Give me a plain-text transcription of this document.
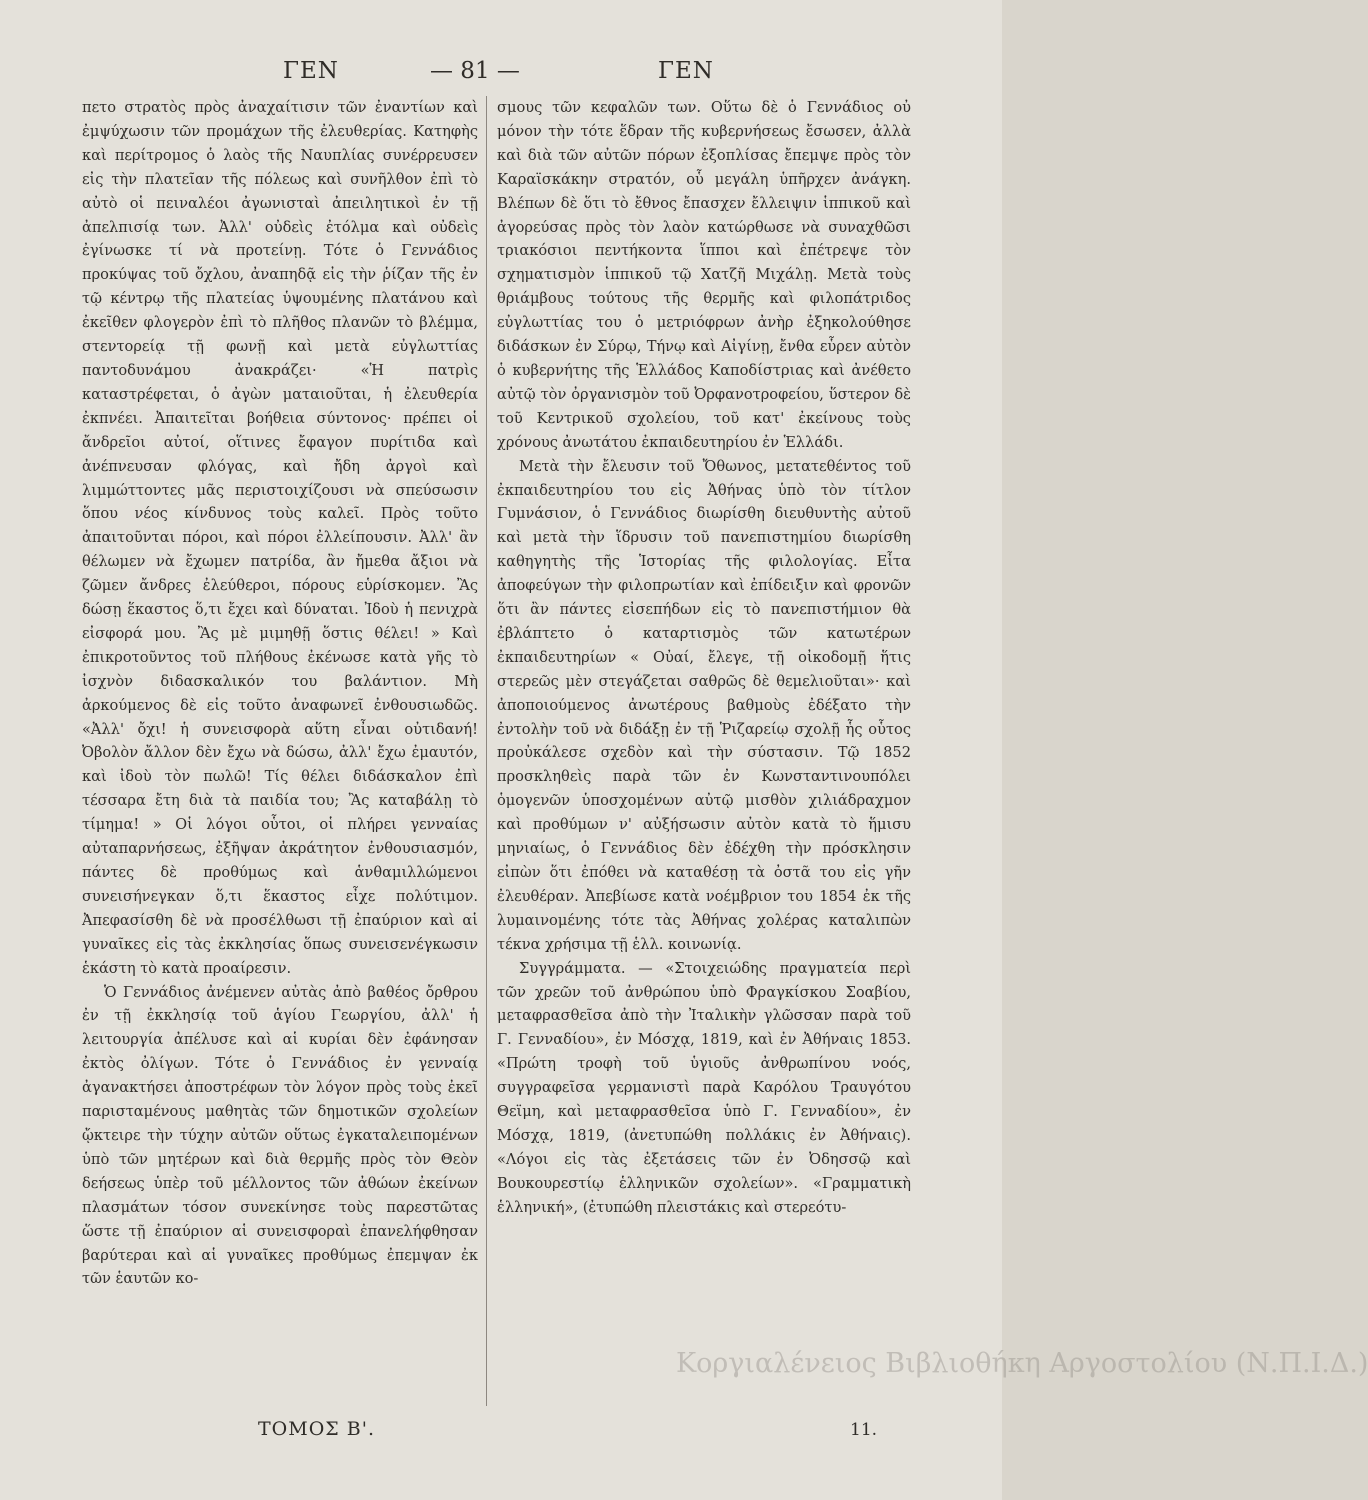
ΓΕΝ	— 81 —	ΓΕΝ

πετο στρατὸς πρὸς ἀναχαίτισιν τῶν ἐναντίων καὶ ἐμψύχωσιν τῶν προμάχων τῆς ἐλευθερίας. Κατηφὴς καὶ περίτρομος ὁ λαὸς τῆς Ναυπλίας συνέρρευσεν εἰς τὴν πλατεῖαν τῆς πόλεως καὶ συνῆλθον ἐπὶ τὸ αὐτὸ οἱ πειναλέοι ἀγωνισταὶ ἀπειλητικοὶ ἐν τῇ ἀπελπισίᾳ των. Ἀλλ' οὐδεὶς ἐτόλμα καὶ οὐδεὶς ἐγίνωσκε τί νὰ προτείνῃ. Τότε ὁ Γεννάδιος προκύψας τοῦ ὄχλου, ἀναπηδᾷ εἰς τὴν ῥίζαν τῆς ἐν τῷ κέντρῳ τῆς πλατείας ὑψουμένης πλατάνου καὶ ἐκεῖθεν φλογερὸν ἐπὶ τὸ πλῆθος πλανῶν τὸ βλέμμα, στεντορείᾳ τῇ φωνῇ καὶ μετὰ εὐγλωττίας παντοδυνάμου ἀνακράζει· «Ἡ πατρὶς καταστρέφεται, ὁ ἀγὼν ματαιοῦται, ἡ ἐλευθερία ἐκπνέει. Ἀπαιτεῖται βοήθεια σύντονος· πρέπει οἱ ἄνδρεῖοι αὐτοί, οἵτινες ἔφαγον πυρίτιδα καὶ ἀνέπνευσαν φλόγας, καὶ ἤδη ἀργοὶ καὶ λιμμώττοντες μᾶς περιστοιχίζουσι νὰ σπεύσωσιν ὅπου νέος κίνδυνος τοὺς καλεῖ. Πρὸς τοῦτο ἀπαιτοῦνται πόροι, καὶ πόροι ἐλλείπουσιν. Ἀλλ' ἂν θέλωμεν νὰ ἔχωμεν πατρίδα, ἂν ἤμεθα ἄξιοι νὰ ζῶμεν ἄνδρες ἐλεύθεροι, πόρους εὑρίσκομεν. Ἂς δώσῃ ἕκαστος ὅ,τι ἔχει καὶ δύναται. Ἰδοὺ ἡ πενιχρὰ εἰσφορά μου. Ἂς μὲ μιμηθῇ ὅστις θέλει! » Καὶ ἐπικροτοῦντος τοῦ πλήθους ἐκένωσε κατὰ γῆς τὸ ἰσχνὸν διδασκαλικόν του βαλάντιον. Μὴ ἀρκούμενος δὲ εἰς τοῦτο ἀναφωνεῖ ἐνθουσιωδῶς. «Ἀλλ' ὄχι! ἡ συνεισφορὰ αὕτη εἶναι οὐτιδανή! Ὀβολὸν ἄλλον δὲν ἔχω νὰ δώσω, ἀλλ' ἔχω ἐμαυτόν, καὶ ἰδοὺ τὸν πωλῶ! Τίς θέλει διδάσκαλον ἐπὶ τέσσαρα ἔτη διὰ τὰ παιδία του; Ἂς καταβάλῃ τὸ τίμημα! » Οἱ λόγοι οὗτοι, οἱ πλήρει γενναίας αὐταπαρνήσεως, ἐξῆψαν ἀκράτητον ἐνθουσιασμόν, πάντες δὲ προθύμως καὶ ἁνθαμιλλώμενοι συνεισήνεγκαν ὅ,τι ἕκαστος εἶχε πολύτιμον. Ἀπεφασίσθη δὲ νὰ προσέλθωσι τῇ ἐπαύριον καὶ αἱ γυναῖκες εἰς τὰς ἐκκλησίας ὅπως συνεισενέγκωσιν ἑκάστη τὸ κατὰ προαίρεσιν.

Ὁ Γεννάδιος ἀνέμενεν αὐτὰς ἀπὸ βαθέος ὄρθρου ἐν τῇ ἐκκλησίᾳ τοῦ ἁγίου Γεωργίου, ἀλλ' ἡ λειτουργία ἀπέλυσε καὶ αἱ κυρίαι δὲν ἐφάνησαν ἐκτὸς ὀλίγων. Τότε ὁ Γεννάδιος ἐν γενναίᾳ ἀγανακτήσει ἀποστρέφων τὸν λόγον πρὸς τοὺς ἐκεῖ παρισταμένους μαθητὰς τῶν δημοτικῶν σχολείων ᾤκτειρε τὴν τύχην αὐτῶν οὕτως ἐγκαταλειπομένων ὑπὸ τῶν μητέρων καὶ διὰ θερμῆς πρὸς τὸν Θεὸν δεήσεως ὑπὲρ τοῦ μέλλοντος τῶν ἀθώων ἐκείνων πλασμάτων τόσον συνεκίνησε τοὺς παρεστῶτας ὥστε τῇ ἐπαύριον αἱ συνεισφοραὶ ἐπανελήφθησαν βαρύτεραι καὶ αἱ γυναῖκες προθύμως ἐπεμψαν ἐκ τῶν ἑαυτῶν κο-

σμους τῶν κεφαλῶν των. Οὕτω δὲ ὁ Γεννάδιος οὐ μόνον τὴν τότε ἕδραν τῆς κυβερνήσεως ἔσωσεν, ἀλλὰ καὶ διὰ τῶν αὐτῶν πόρων ἐξοπλίσας ἔπεμψε πρὸς τὸν Καραϊσκάκην στρατόν, οὗ μεγάλη ὑπῆρχεν ἀνάγκη. Βλέπων δὲ ὅτι τὸ ἔθνος ἔπασχεν ἔλλειψιν ἱππικοῦ καὶ ἀγορεύσας πρὸς τὸν λαὸν κατώρθωσε νὰ συναχθῶσι τριακόσιοι πεντήκοντα ἵπποι καὶ ἐπέτρεψε τὸν σχηματισμὸν ἱππικοῦ τῷ Χατζῆ Μιχάλῃ. Μετὰ τοὺς θριάμβους τούτους τῆς θερμῆς καὶ φιλοπάτριδος εὐγλωττίας του ὁ μετριόφρων ἀνὴρ ἐξηκολούθησε διδάσκων ἐν Σύρῳ, Τήνῳ καὶ Αἰγίνῃ, ἔνθα εὗρεν αὐτὸν ὁ κυβερνήτης τῆς Ἑλλάδος Καποδίστριας καὶ ἀνέθετο αὐτῷ τὸν ὀργανισμὸν τοῦ Ὀρφανοτροφείου, ὕστερον δὲ τοῦ Κεντρικοῦ σχολείου, τοῦ κατ' ἐκείνους τοὺς χρόνους ἀνωτάτου ἐκπαιδευτηρίου ἐν Ἑλλάδι.

Μετὰ τὴν ἔλευσιν τοῦ Ὄθωνος, μετατεθέντος τοῦ ἐκπαιδευτηρίου του εἰς Ἀθήνας ὑπὸ τὸν τίτλον Γυμνάσιον, ὁ Γεννάδιος διωρίσθη διευθυντὴς αὐτοῦ καὶ μετὰ τὴν ἵδρυσιν τοῦ πανεπιστημίου διωρίσθη καθηγητὴς τῆς Ἱστορίας τῆς φιλολογίας. Εἶτα ἀποφεύγων τὴν φιλοπρωτίαν καὶ ἐπίδειξιν καὶ φρονῶν ὅτι ἂν πάντες εἰσεπήδων εἰς τὸ πανεπιστήμιον θὰ ἐβλάπτετο ὁ καταρτισμὸς τῶν κατωτέρων ἐκπαιδευτηρίων « Οὐαί, ἔλεγε, τῇ οἰκοδομῇ ἥτις στερεῶς μὲν στεγάζεται σαθρῶς δὲ θεμελιοῦται»· καὶ ἀποποιούμενος ἀνωτέρους βαθμοὺς ἐδέξατο τὴν ἐντολὴν τοῦ νὰ διδάξῃ ἐν τῇ Ῥιζαρείῳ σχολῇ ἧς οὗτος προὐκάλεσε σχεδὸν καὶ τὴν σύστασιν. Τῷ 1852 προσκληθεὶς παρὰ τῶν ἐν Κωνσταντινουπόλει ὁμογενῶν ὑποσχομένων αὐτῷ μισθὸν χιλιάδραχμον καὶ προθύμων ν' αὐξήσωσιν αὐτὸν κατὰ τὸ ἥμισυ μηνιαίως, ὁ Γεννάδιος δὲν ἐδέχθη τὴν πρόσκλησιν εἰπὼν ὅτι ἐπόθει νὰ καταθέσῃ τὰ ὀστᾶ του εἰς γῆν ἐλευθέραν. Ἀπεβίωσε κατὰ νοέμβριον του 1854 ἐκ τῆς λυμαινομένης τότε τὰς Ἀθήνας χολέρας καταλιπὼν τέκνα χρήσιμα τῇ ἑλλ. κοινωνίᾳ.

Συγγράμματα. — «Στοιχειώδης πραγματεία περὶ τῶν χρεῶν τοῦ ἀνθρώπου ὑπὸ Φραγκίσκου Σοαβίου, μεταφρασθεῖσα ἀπὸ τὴν Ἰταλικὴν γλῶσσαν παρὰ τοῦ Γ. Γενναδίου», ἐν Μόσχᾳ, 1819, καὶ ἐν Ἀθήναις 1853. «Πρώτη τροφὴ τοῦ ὑγιοῦς ἀνθρωπίνου νοός, συγγραφεῖσα γερμανιστὶ παρὰ Καρόλου Τραυγότου Θεϊμη, καὶ μεταφρασθεῖσα ὑπὸ Γ. Γενναδίου», ἐν Μόσχᾳ, 1819, (ἀνετυπώθη πολλάκις ἐν Ἀθήναις). «Λόγοι εἰς τὰς ἐξετάσεις τῶν ἐν Ὀδησσῷ καὶ Βουκουρεστίῳ ἑλληνικῶν σχολείων». «Γραμματικὴ ἑλληνική», (ἐτυπώθη πλειστάκις καὶ στερεότυ-

Κοργιαλένειος Βιβλιοθήκη Αργοστολίου (Ν.Π.Ι.Δ.)
ΤΟΜΟΣ Β'.	11.
